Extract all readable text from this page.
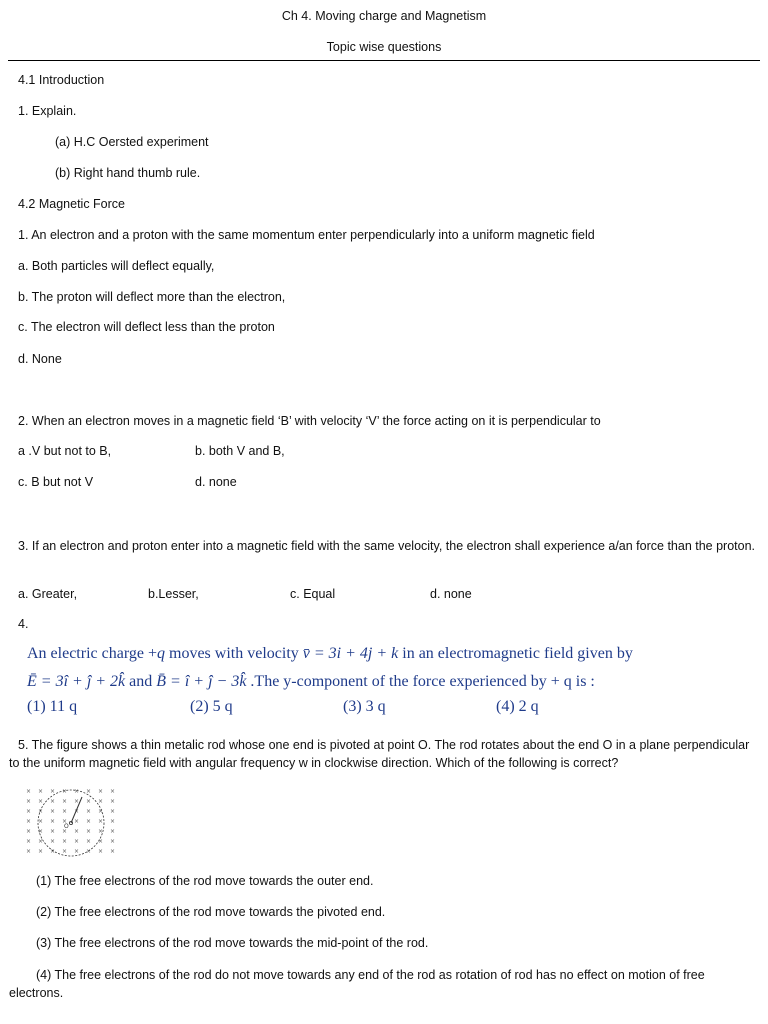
Ch 4. Moving charge and Magnetism
Topic wise questions
4.1 Introduction
1. Explain.
(a) H.C Oersted experiment
(b) Right hand thumb rule.
4.2 Magnetic Force
1. An electron and a proton with the same momentum enter perpendicularly into a uniform magnetic field
a. Both particles will deflect equally,
b. The proton will deflect more than the electron,
c. The electron will deflect less than the proton
d. None
2. When an electron moves in a magnetic field ‘B’ with velocity ‘V’ the force acting on it is perpendicular to
a .V but not to B,	b. both V and B,
c. B but not V	d. none
3. If an electron and proton enter into a magnetic field with the same velocity, the electron shall experience a/an force than the proton.
a. Greater,	b.Lesser,	c. Equal	d. none
4.
An electric charge +q moves with velocity v̄ = 3i + 4j + k in an electromagnetic field given by
Ē = 3î + ĵ + 2k̂ and B̄ = î + ĵ − 3k̂ .The y-component of the force experienced by + q is :
(1) 11 q	(2) 5 q	(3) 3 q	(4) 2 q
5. The figure shows a thin metalic rod whose one end is pivoted at point O. The rod rotates about the end O in a plane perpendicular to the uniform magnetic field with angular frequency w in clockwise direction. Which of the following is correct?
× × × × × × × ×
× × × × × × × ×
× × × × × × × ×
× × × × × × × ×
× × × × × × × ×
× × × × × × × ×
× × × × × × × ×
O
(1) The free electrons of the rod move towards the outer end.
(2) The free electrons of the rod move towards the pivoted end.
(3) The free electrons of the rod move towards the mid-point of the rod.
(4) The free electrons of the rod do not move towards any end of the rod as rotation of rod has no effect on motion of free electrons.
